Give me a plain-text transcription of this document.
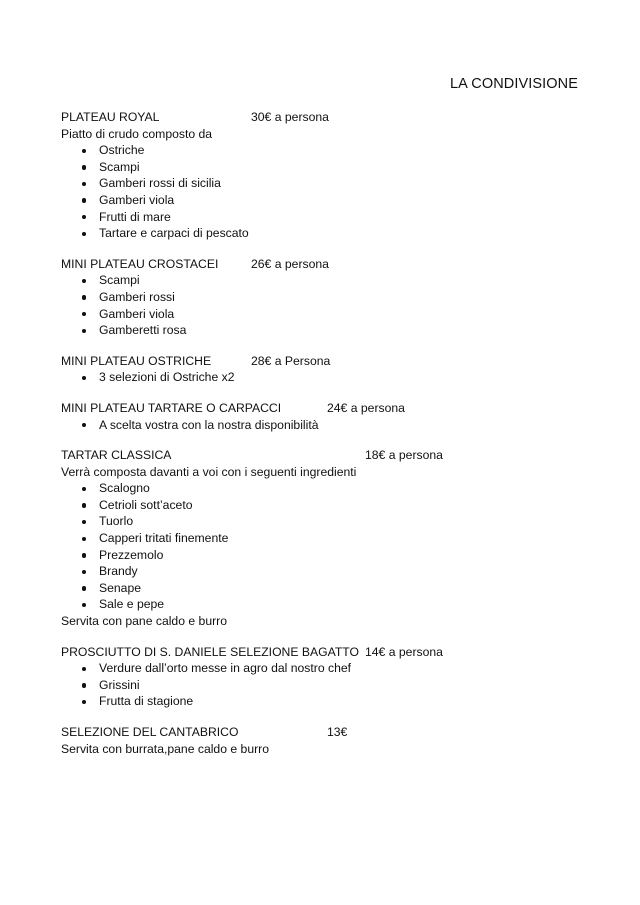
LA CONDIVISIONE
PLATEAU ROYAL	30€ a persona
Piatto di crudo composto da
Ostriche
Scampi
Gamberi rossi di sicilia
Gamberi viola
Frutti di mare
Tartare e carpaci di pescato
MINI PLATEAU CROSTACEI	26€ a persona
Scampi
Gamberi rossi
Gamberi viola
Gamberetti rosa
MINI PLATEAU OSTRICHE	28€ a Persona
3 selezioni di Ostriche x2
MINI PLATEAU TARTARE O CARPACCI	24€ a persona
A scelta vostra con la nostra disponibilità
TARTAR CLASSICA	18€ a persona
Verrà composta davanti a voi con i seguenti ingredienti
Scalogno
Cetrioli sott’aceto
Tuorlo
Capperi tritati finemente
Prezzemolo
Brandy
Senape
Sale e pepe
Servita con pane caldo e burro
PROSCIUTTO DI S. DANIELE SELEZIONE BAGATTO 14€ a persona
Verdure dall’orto messe in agro dal nostro chef
Grissini
Frutta di stagione
SELEZIONE DEL CANTABRICO	13€
Servita con burrata,pane caldo e burro
